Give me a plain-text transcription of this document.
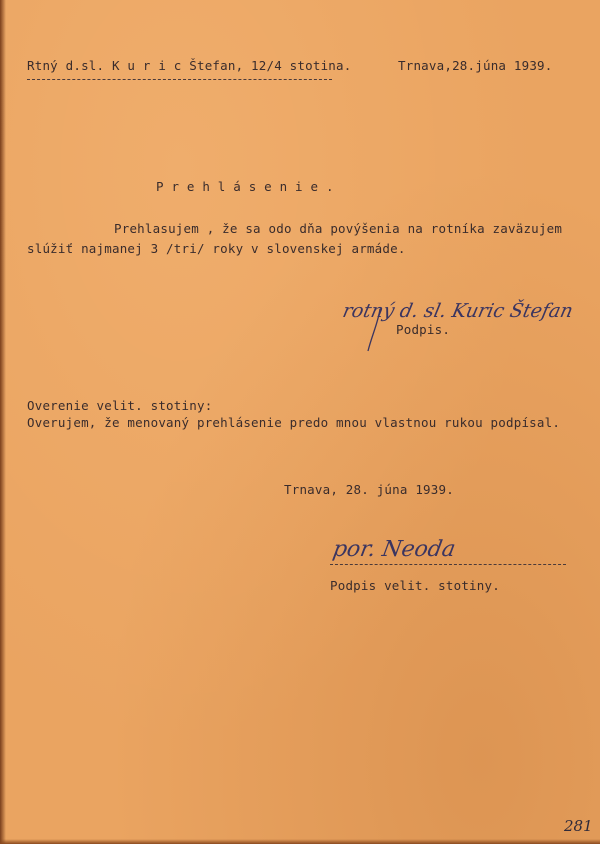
Rtný d.sl. K u r i c Štefan, 12/4 stotina.	Trnava,28.júna 1939.
P r e h l á s e n i e .
Prehlasujem , že sa odo dňa povýšenia na rotníka zaväzujem
slúžiť najmanej 3 /tri/ roky v slovenskej armáde.
rotný d. sl. Kuric Štefan
Podpis.
Overenie velit. stotiny:
Overujem, že menovaný prehlásenie predo mnou vlastnou rukou podpísal.
Trnava, 28. júna 1939.
por. Neoda
Podpis velit. stotiny.
281
